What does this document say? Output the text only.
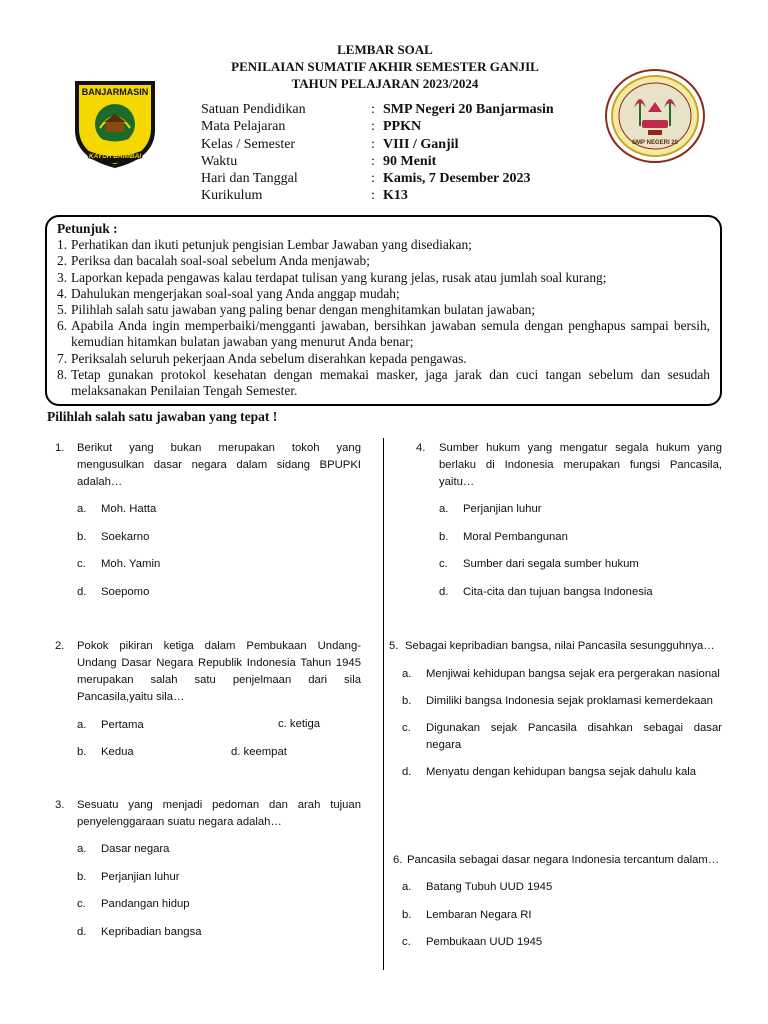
LEMBAR SOAL
PENILAIAN SUMATIF AKHIR SEMESTER GANJIL
TAHUN PELAJARAN 2023/2024
BANJARMASIN
KAYUH BAIMBAI
SMP NEGERI 20
Satuan Pendidikan	: SMP Negeri 20 Banjarmasin
Mata Pelajaran	: PPKN
Kelas / Semester	: VIII / Ganjil
Waktu	: 90 Menit
Hari dan Tanggal	: Kamis, 7 Desember 2023
Kurikulum	: K13
Petunjuk :
1. Perhatikan dan ikuti petunjuk pengisian Lembar Jawaban yang disediakan;
2. Periksa dan bacalah soal-soal sebelum Anda menjawab;
3. Laporkan kepada pengawas kalau terdapat tulisan yang kurang jelas, rusak atau jumlah soal kurang;
4. Dahulukan mengerjakan soal-soal yang Anda anggap mudah;
5. Pilihlah salah satu jawaban yang paling benar dengan menghitamkan bulatan jawaban;
6. Apabila Anda ingin memperbaiki/mengganti jawaban, bersihkan jawaban semula dengan penghapus sampai bersih, kemudian hitamkan bulatan jawaban yang menurut Anda benar;
7. Periksalah seluruh pekerjaan Anda sebelum diserahkan kepada pengawas.
8. Tetap gunakan protokol kesehatan dengan memakai masker, jaga jarak dan cuci tangan sebelum dan sesudah melaksanakan Penilaian Tengah Semester.
Pilihlah salah satu jawaban yang tepat !
1.	Berikut yang bukan merupakan tokoh yang mengusulkan dasar negara dalam sidang BPUPKI adalah…
a.	Moh. Hatta
b.	Soekarno
c.	Moh. Yamin
d.	Soepomo
2.	Pokok pikiran ketiga dalam Pembukaan Undang-Undang Dasar Negara Republik Indonesia Tahun 1945 merupakan salah satu penjelmaan dari sila Pancasila,yaitu sila…
a.	Pertama	c. ketiga
b.	Kedua	d. keempat
3.	Sesuatu yang menjadi pedoman dan arah tujuan penyelenggaraan suatu negara adalah…
a.	Dasar negara
b.	Perjanjian luhur
c.	Pandangan hidup
d.	Kepribadian bangsa
4.	Sumber hukum yang mengatur segala hukum yang berlaku di Indonesia merupakan fungsi Pancasila, yaitu…
a.	Perjanjian luhur
b.	Moral Pembangunan
c.	Sumber dari segala sumber hukum
d.	Cita-cita dan tujuan bangsa Indonesia
5. Sebagai kepribadian bangsa, nilai Pancasila sesungguhnya…
a.	Menjiwai kehidupan bangsa sejak era pergerakan nasional
b.	Dimiliki bangsa Indonesia sejak proklamasi kemerdekaan
c.	Digunakan sejak Pancasila disahkan sebagai dasar negara
d.	Menyatu dengan kehidupan bangsa sejak dahulu kala
6. Pancasila sebagai dasar negara Indonesia tercantum dalam…
a.	Batang Tubuh UUD 1945
b.	Lembaran Negara RI
c.	Pembukaan UUD 1945
